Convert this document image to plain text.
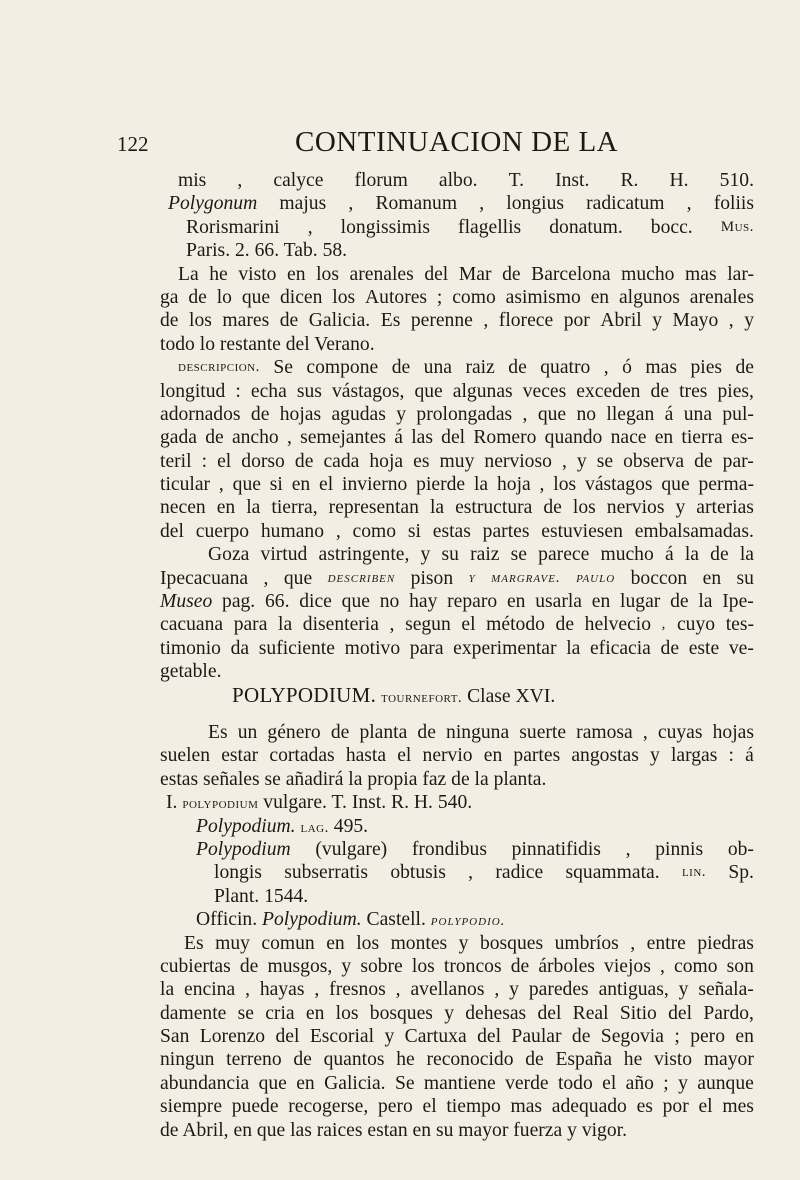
122	CONTINUACION DE LA
mis , calyce florum albo. T. Inst. R. H. 510.
Polygonum majus , Romanum , longius radicatum , foliis
Rorismarini , longissimis flagellis donatum. bocc. Mus.
Paris. 2. 66. Tab. 58.
La he visto en los arenales del Mar de Barcelona mucho mas lar-
ga de lo que dicen los Autores ; como asimismo en algunos arenales
de los mares de Galicia. Es perenne , florece por Abril y Mayo , y
todo lo restante del Verano.
descripcion. Se compone de una raiz de quatro , ó mas pies de
longitud : echa sus vástagos, que algunas veces exceden de tres pies,
adornados de hojas agudas y prolongadas , que no llegan á una pul-
gada de ancho , semejantes á las del Romero quando nace en tierra es-
teril : el dorso de cada hoja es muy nervioso , y se observa de par-
ticular , que si en el invierno pierde la hoja , los vástagos que perma-
necen en la tierra, representan la estructura de los nervios y arterias
del cuerpo humano , como si estas partes estuviesen embalsamadas.
Goza virtud astringente, y su raiz se parece mucho á la de la
Ipecacuana , que describen pison y margrave. paulo boccon en su
Museo pag. 66. dice que no hay reparo en usarla en lugar de la Ipe-
cacuana para la disenteria , segun el método de helvecio , cuyo tes-
timonio da suficiente motivo para experimentar la eficacia de este ve-
getable.
POLYPODIUM. tournefort. Clase XVI.
Es un género de planta de ninguna suerte ramosa , cuyas hojas
suelen estar cortadas hasta el nervio en partes angostas y largas : á
estas señales se añadirá la propia faz de la planta.
I. polypodium vulgare. T. Inst. R. H. 540.
Polypodium. lag. 495.
Polypodium (vulgare) frondibus pinnatifidis , pinnis ob-
longis subserratis obtusis , radice squammata. lin. Sp.
Plant. 1544.
Officin. Polypodium. Castell. polypodio.
Es muy comun en los montes y bosques umbríos , entre piedras
cubiertas de musgos, y sobre los troncos de árboles viejos , como son
la encina , hayas , fresnos , avellanos , y paredes antiguas, y señala-
damente se cria en los bosques y dehesas del Real Sitio del Pardo,
San Lorenzo del Escorial y Cartuxa del Paular de Segovia ; pero en
ningun terreno de quantos he reconocido de España he visto mayor
abundancia que en Galicia. Se mantiene verde todo el año ; y aunque
siempre puede recogerse, pero el tiempo mas adequado es por el mes
de Abril, en que las raices estan en su mayor fuerza y vigor.
